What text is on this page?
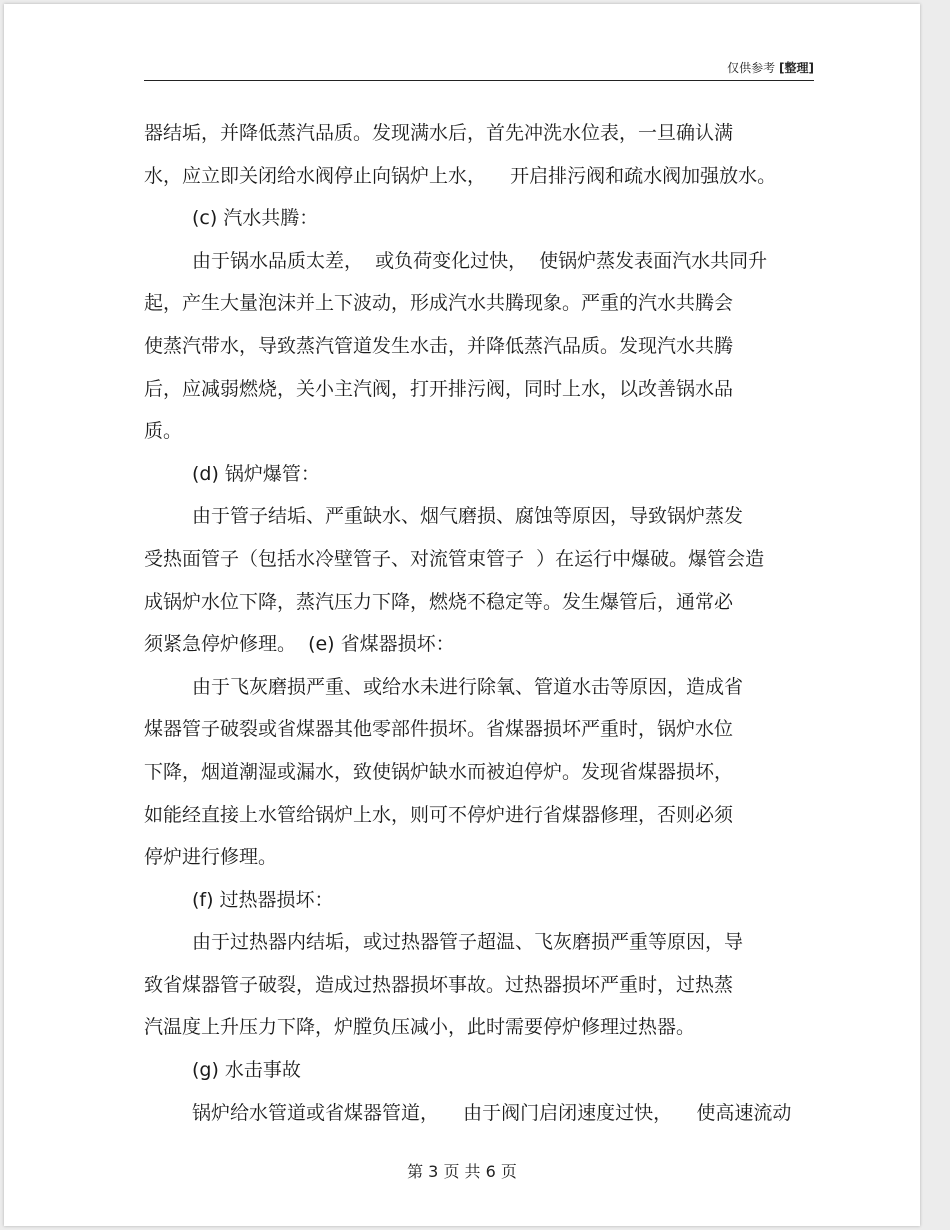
仅供参考 [整理]
器结垢，并降低蒸汽品质。发现满水后，首先冲洗水位表，一旦确认满
水，应立即关闭给水阀停止向锅炉上水，    开启排污阀和疏水阀加强放水。
(c) 汽水共腾：
由于锅水品质太差，  或负荷变化过快，  使锅炉蒸发表面汽水共同升
起，产生大量泡沫并上下波动，形成汽水共腾现象。严重的汽水共腾会
使蒸汽带水，导致蒸汽管道发生水击，并降低蒸汽品质。发现汽水共腾
后，应减弱燃烧，关小主汽阀，打开排污阀，同时上水，以改善锅水品
质。
(d) 锅炉爆管：
由于管子结垢、严重缺水、烟气磨损、腐蚀等原因，导致锅炉蒸发
受热面管子（包括水冷壁管子、对流管束管子  ）在运行中爆破。爆管会造
成锅炉水位下降，蒸汽压力下降，燃烧不稳定等。发生爆管后，通常必
须紧急停炉修理。  (e) 省煤器损坏：
由于飞灰磨损严重、或给水未进行除氧、管道水击等原因，造成省
煤器管子破裂或省煤器其他零部件损坏。省煤器损坏严重时，锅炉水位
下降，烟道潮湿或漏水，致使锅炉缺水而被迫停炉。发现省煤器损坏，
如能经直接上水管给锅炉上水，则可不停炉进行省煤器修理，否则必须
停炉进行修理。
(f) 过热器损坏：
由于过热器内结垢，或过热器管子超温、飞灰磨损严重等原因，导
致省煤器管子破裂，造成过热器损坏事故。过热器损坏严重时，过热蒸
汽温度上升压力下降，炉膛负压减小，此时需要停炉修理过热器。
(g) 水击事故
锅炉给水管道或省煤器管道，    由于阀门启闭速度过快，    使高速流动
第 3 页 共 6 页
